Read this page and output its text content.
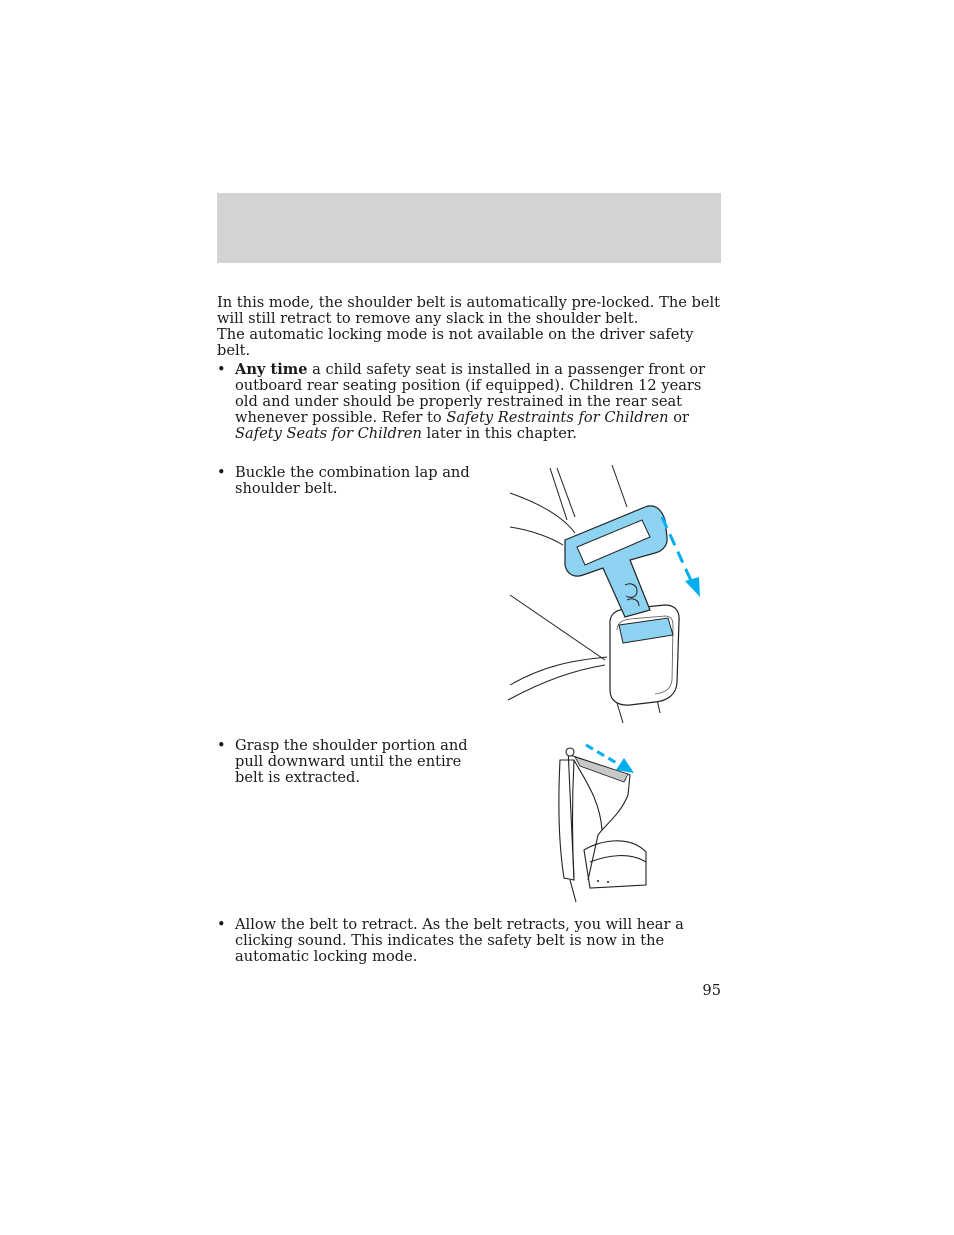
In this mode, the shoulder belt is automatically pre-locked. The belt will still retract to remove any slack in the shoulder belt.
The automatic locking mode is not available on the driver safety belt.
• Any time a child safety seat is installed in a passenger front or outboard rear seating position (if equipped). Children 12 years old and under should be properly restrained in the rear seat whenever possible. Refer to Safety Restraints for Children or Safety Seats for Children later in this chapter.
• Buckle the combination lap and shoulder belt.
• Grasp the shoulder portion and pull downward until the entire belt is extracted.
• Allow the belt to retract. As the belt retracts, you will hear a clicking sound. This indicates the safety belt is now in the automatic locking mode.
95
